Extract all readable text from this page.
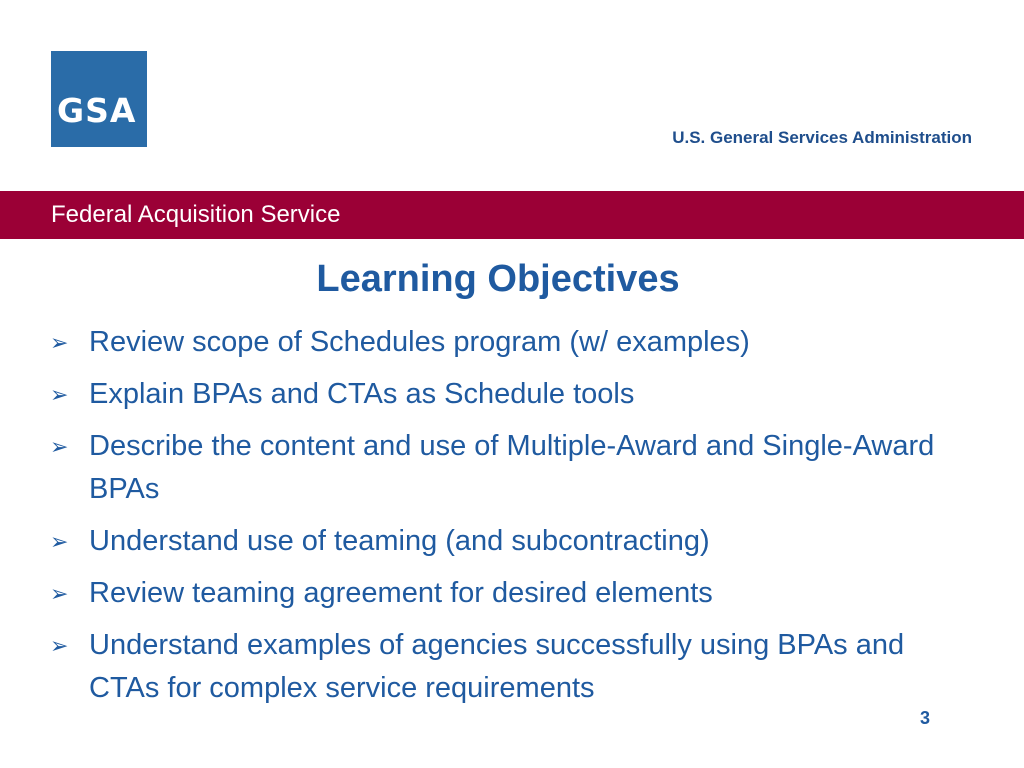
GSA
U.S. General Services Administration
Federal Acquisition Service
Learning Objectives
➢ Review scope of Schedules program (w/ examples)
➢ Explain BPAs and CTAs as Schedule tools
➢ Describe the content and use of Multiple-Award and Single-Award BPAs
➢ Understand use of teaming (and subcontracting)
➢ Review teaming agreement for desired elements
➢ Understand examples of agencies successfully using BPAs and CTAs for complex service requirements
3
